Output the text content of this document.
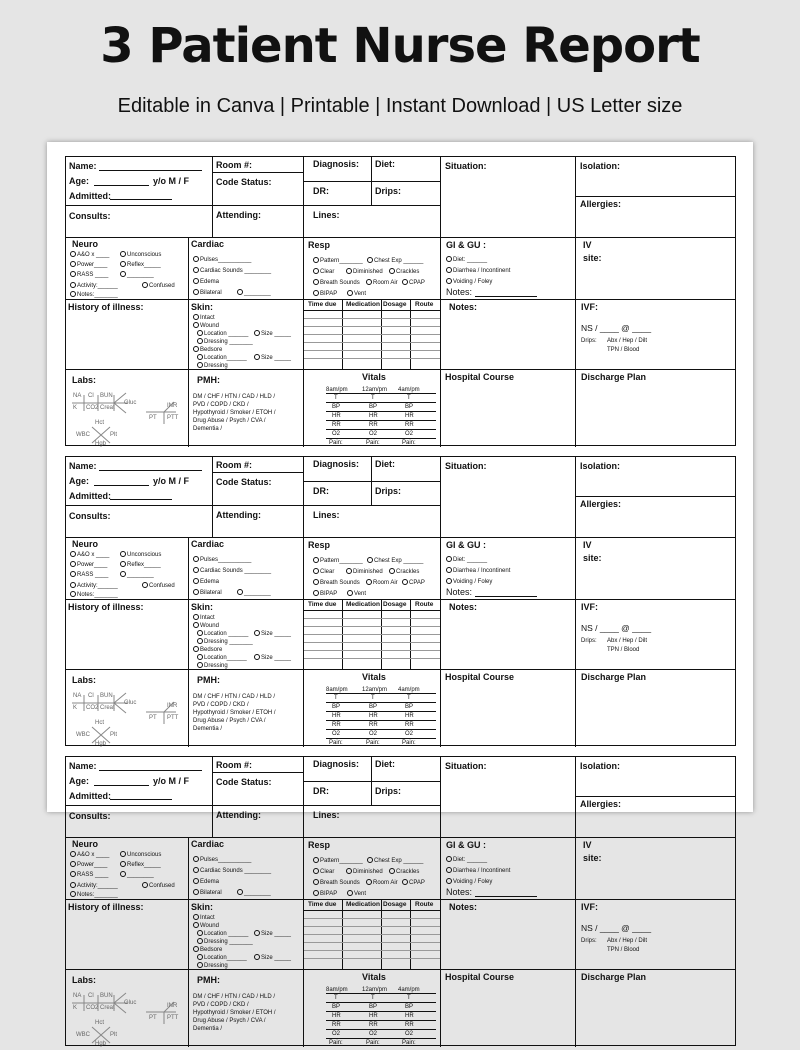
3 Patient Nurse Report
Editable in Canva | Printable | Instant Download | US Letter size
Name:
Age:	y/o M / F
Admitted:
Room #:
Code Status:
Diagnosis: Diet:
DR:	Drips:
Situation:	Isolation:
Allergies:
Consults:	Attending:	Lines:
Neuro
A&O x ____	Unconscious
Power____	Reflex_____
RASS ____	________
Activity:______	Confused
Notes:_______
Cardiac
Pulses__________
Cardiac Sounds ________
Edema
Bilateral	________
Resp
Pattern_______	Chest Exp ______
Clear	Diminished	Crackles
Breath Sounds	Room Air	CPAP
BIPAP	Vent
GI & GU :
Diet: ______
Diarrhea / Incontinent
Voiding / Foley
Notes:
IV
site:
History of illness:	Skin:
Intact
Wound
Location ______	Size _____
Dressing _______
Bedsore
Location______	Size _____
Dressing
Time due Medication Dosage Route Notes:	IVF:
NS / ____ @ ____
Drips: Abx / Hep / Dilt
TPN / Blood
Labs:
NA Cl BUN
Gluc
K CO2 Creat
Hct
WBC	Plt
Hgb
INR
PT PTT
PMH:
DM / CHF / HTN / CAD / HLD /
PVD / COPD / CKD /
Hypothyroid / Smoker / ETOH /
Drug Abuse / Psych / CVA /
Dementia /
Vitals
8am/pm 12am/pm 4am/pm
T	T	T
BP	BP	BP
HR	HR	HR
RR	RR	RR
O2	O2	O2
Pain:	Pain:	Pain:
Hospital Course	Discharge Plan
Name:
Age:	y/o M / F
Admitted:
Room #:
Code Status:
Diagnosis: Diet:
DR:	Drips:
Situation:	Isolation:
Allergies:
Consults:	Attending:	Lines:
Neuro
A&O x ____	Unconscious
Power____	Reflex_____
RASS ____	________
Activity:______	Confused
Notes:_______
Cardiac
Pulses__________
Cardiac Sounds ________
Edema
Bilateral	________
Resp
Pattern_______	Chest Exp ______
Clear	Diminished	Crackles
Breath Sounds	Room Air	CPAP
BIPAP	Vent
GI & GU :
Diet: ______
Diarrhea / Incontinent
Voiding / Foley
Notes:
IV
site:
History of illness:	Skin:
Intact
Wound
Location ______	Size _____
Dressing _______
Bedsore
Location______	Size _____
Dressing
Time due Medication Dosage Route Notes:	IVF:
NS / ____ @ ____
Drips: Abx / Hep / Dilt
TPN / Blood
Labs:
NA Cl BUN
Gluc
K CO2 Creat
Hct
WBC	Plt
Hgb
INR
PT PTT
PMH:
DM / CHF / HTN / CAD / HLD /
PVD / COPD / CKD /
Hypothyroid / Smoker / ETOH /
Drug Abuse / Psych / CVA /
Dementia /
Vitals
8am/pm 12am/pm 4am/pm
T	T	T
BP	BP	BP
HR	HR	HR
RR	RR	RR
O2	O2	O2
Pain:	Pain:	Pain:
Hospital Course	Discharge Plan
Name:
Age:	y/o M / F
Admitted:
Room #:
Code Status:
Diagnosis: Diet:
DR:	Drips:
Situation:	Isolation:
Allergies:
Consults:	Attending:	Lines:
Neuro
A&O x ____	Unconscious
Power____	Reflex_____
RASS ____	________
Activity:______	Confused
Notes:_______
Cardiac
Pulses__________
Cardiac Sounds ________
Edema
Bilateral	________
Resp
Pattern_______	Chest Exp ______
Clear	Diminished	Crackles
Breath Sounds	Room Air	CPAP
BIPAP	Vent
GI & GU :
Diet: ______
Diarrhea / Incontinent
Voiding / Foley
Notes:
IV
site:
History of illness:	Skin:
Intact
Wound
Location ______	Size _____
Dressing _______
Bedsore
Location______	Size _____
Dressing
Time due Medication Dosage Route Notes:	IVF:
NS / ____ @ ____
Drips: Abx / Hep / Dilt
TPN / Blood
Labs:
NA Cl BUN
Gluc
K CO2 Creat
Hct
WBC	Plt
Hgb
INR
PT PTT
PMH:
DM / CHF / HTN / CAD / HLD /
PVD / COPD / CKD /
Hypothyroid / Smoker / ETOH /
Drug Abuse / Psych / CVA /
Dementia /
Vitals
8am/pm 12am/pm 4am/pm
T	T	T
BP	BP	BP
HR	HR	HR
RR	RR	RR
O2	O2	O2
Pain:	Pain:	Pain:
Hospital Course	Discharge Plan
